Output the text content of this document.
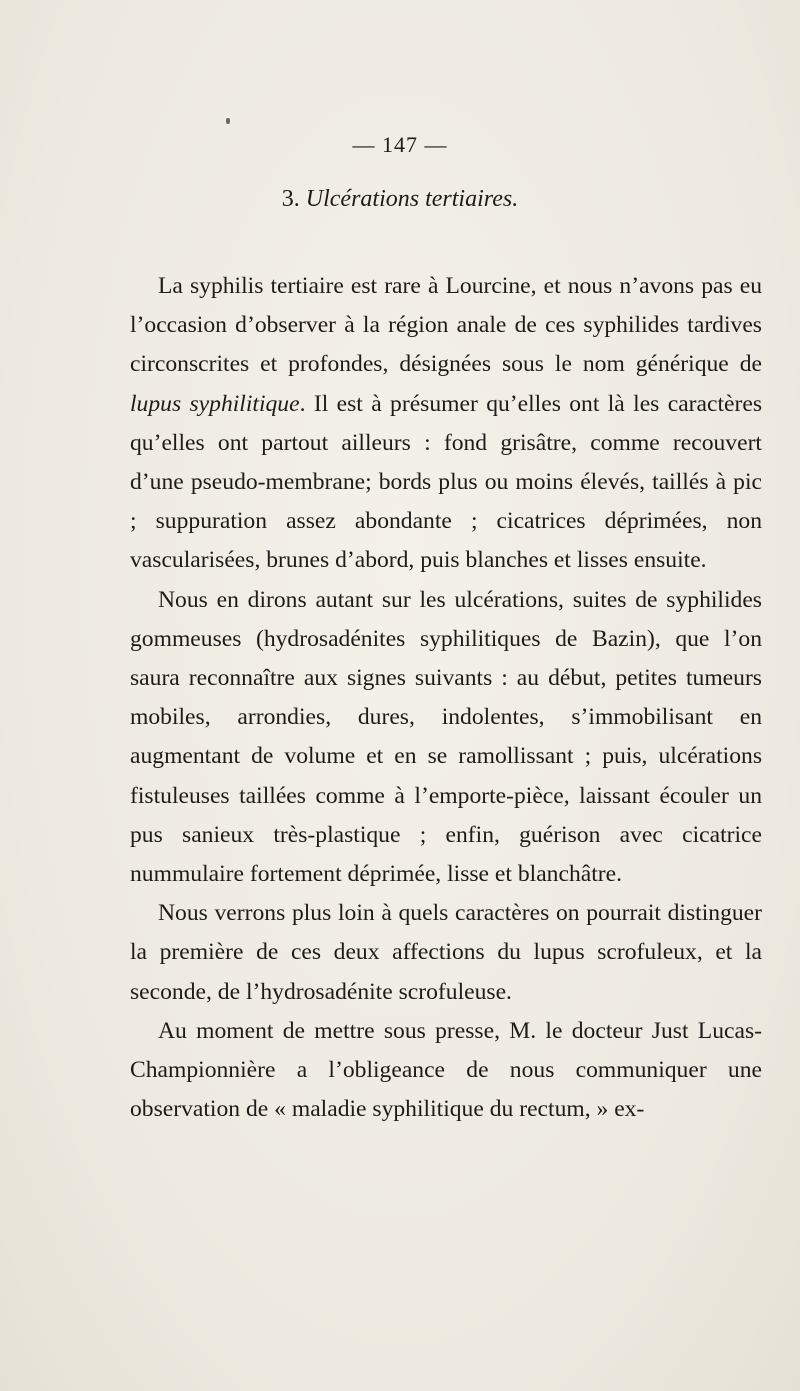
— 147 —
3. Ulcérations tertiaires.

La syphilis tertiaire est rare à Lourcine, et nous n’avons pas eu l’occasion d’observer à la région anale de ces syphilides tardives circonscrites et profondes, désignées sous le nom générique de lupus syphilitique. Il est à présumer qu’elles ont là les caractères qu’elles ont partout ailleurs : fond grisâtre, comme recouvert d’une pseudo-membrane; bords plus ou moins élevés, taillés à pic ; suppuration assez abondante ; cicatrices déprimées, non vascularisées, brunes d’abord, puis blanches et lisses ensuite.

Nous en dirons autant sur les ulcérations, suites de syphilides gommeuses (hydrosadénites syphilitiques de Bazin), que l’on saura reconnaître aux signes suivants : au début, petites tumeurs mobiles, arrondies, dures, indolentes, s’immobilisant en augmentant de volume et en se ramollissant ; puis, ulcérations fistuleuses taillées comme à l’emporte-pièce, laissant écouler un pus sanieux très-plastique ; enfin, guérison avec cicatrice nummulaire fortement déprimée, lisse et blanchâtre.

Nous verrons plus loin à quels caractères on pourrait distinguer la première de ces deux affections du lupus scrofuleux, et la seconde, de l’hydrosadénite scrofuleuse.

Au moment de mettre sous presse, M. le docteur Just Lucas-Championnière a l’obligeance de nous communiquer une observation de « maladie syphilitique du rectum, » ex-
